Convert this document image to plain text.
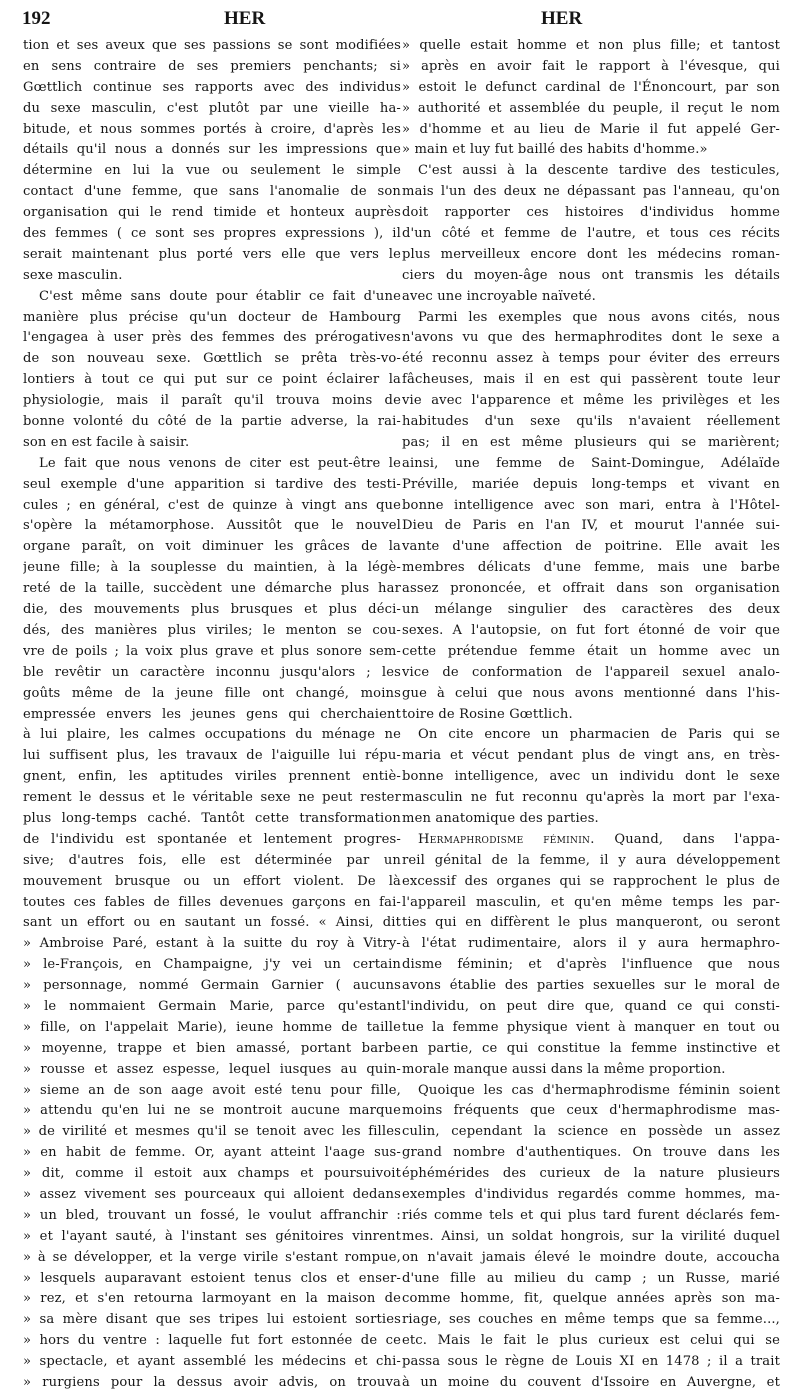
192	HER	HER
tion et ses aveux que ses passions se sont modifiées
en sens contraire de ses premiers penchants; si
Gœttlich continue ses rapports avec des individus
du sexe masculin, c'est plutôt par une vieille ha-
bitude, et nous sommes portés à croire, d'après les
détails qu'il nous a donnés sur les impressions que
détermine en lui la vue ou seulement le simple
contact d'une femme, que sans l'anomalie de son
organisation qui le rend timide et honteux auprès
des femmes ( ce sont ses propres expressions ), il
serait maintenant plus porté vers elle que vers le
sexe masculin.
C'est même sans doute pour établir ce fait d'une
manière plus précise qu'un docteur de Hambourg
l'engagea à user près des femmes des prérogatives
de son nouveau sexe. Gœttlich se prêta très-vo-
lontiers à tout ce qui put sur ce point éclairer la
physiologie, mais il paraît qu'il trouva moins de
bonne volonté du côté de la partie adverse, la rai-
son en est facile à saisir.
Le fait que nous venons de citer est peut-être le
seul exemple d'une apparition si tardive des testi-
cules ; en général, c'est de quinze à vingt ans que
s'opère la métamorphose. Aussitôt que le nouvel
organe paraît, on voit diminuer les grâces de la
jeune fille; à la souplesse du maintien, à la légè-
reté de la taille, succèdent une démarche plus har
die, des mouvements plus brusques et plus déci-
dés, des manières plus viriles; le menton se cou-
vre de poils ; la voix plus grave et plus sonore sem-
ble revêtir un caractère inconnu jusqu'alors ; les
goûts même de la jeune fille ont changé, moins
empressée envers les jeunes gens qui cherchaient
à lui plaire, les calmes occupations du ménage ne
lui suffisent plus, les travaux de l'aiguille lui répu-
gnent, enfin, les aptitudes viriles prennent entiè-
rement le dessus et le véritable sexe ne peut rester
plus long-temps caché. Tantôt cette transformation
de l'individu est spontanée et lentement progres-
sive; d'autres fois, elle est déterminée par un
mouvement brusque ou un effort violent. De là
toutes ces fables de filles devenues garçons en fai-
sant un effort ou en sautant un fossé. « Ainsi, dit
» Ambroise Paré, estant à la suitte du roy à Vitry-
» le-François, en Champaigne, j'y vei un certain
» personnage, nommé Germain Garnier ( aucuns
» le nommaient Germain Marie, parce qu'estant
» fille, on l'appelait Marie), ieune homme de taille
» moyenne, trappe et bien amassé, portant barbe
» rousse et assez espesse, lequel iusques au quin-
» sieme an de son aage avoit esté tenu pour fille,
» attendu qu'en lui ne se montroit aucune marque
» de virilité et mesmes qu'il se tenoit avec les filles
» en habit de femme. Or, ayant atteint l'aage sus-
» dit, comme il estoit aux champs et poursuivoit
» assez vivement ses pourceaux qui alloient dedans
» un bled, trouvant un fossé, le voulut affranchir :
» et l'ayant sauté, à l'instant ses génitoires vinrent
» à se développer, et la verge virile s'estant rompue,
» lesquels auparavant estoient tenus clos et enser-
» rez, et s'en retourna larmoyant en la maison de
» sa mère disant que ses tripes lui estoient sorties
» hors du ventre : laquelle fut fort estonnée de ce
» spectacle, et ayant assemblé les médecins et chi-
» rurgiens pour la dessus avoir advis, on trouva
» quelle estait homme et non plus fille; et tantost
» après en avoir fait le rapport à l'évesque, qui
» estoit le defunct cardinal de l'Énoncourt, par son
» authorité et assemblée du peuple, il reçut le nom
» d'homme et au lieu de Marie il fut appelé Ger-
» main et luy fut baillé des habits d'homme.»
C'est aussi à la descente tardive des testicules,
mais l'un des deux ne dépassant pas l'anneau, qu'on
doit rapporter ces histoires d'individus homme
d'un côté et femme de l'autre, et tous ces récits
plus merveilleux encore dont les médecins roman-
ciers du moyen-âge nous ont transmis les détails
avec une incroyable naïveté.
Parmi les exemples que nous avons cités, nous
n'avons vu que des hermaphrodites dont le sexe a
été reconnu assez à temps pour éviter des erreurs
fâcheuses, mais il en est qui passèrent toute leur
vie avec l'apparence et même les privilèges et les
habitudes d'un sexe qu'ils n'avaient réellement
pas; il en est même plusieurs qui se marièrent;
ainsi, une femme de Saint-Domingue, Adélaïde
Préville, mariée depuis long-temps et vivant en
bonne intelligence avec son mari, entra à l'Hôtel-
Dieu de Paris en l'an IV, et mourut l'année sui-
vante d'une affection de poitrine. Elle avait les
membres délicats d'une femme, mais une barbe
assez prononcée, et offrait dans son organisation
un mélange singulier des caractères des deux
sexes. A l'autopsie, on fut fort étonné de voir que
cette prétendue femme était un homme avec un
vice de conformation de l'appareil sexuel analo-
gue à celui que nous avons mentionné dans l'his-
toire de Rosine Gœttlich.
On cite encore un pharmacien de Paris qui se
maria et vécut pendant plus de vingt ans, en très-
bonne intelligence, avec un individu dont le sexe
masculin ne fut reconnu qu'après la mort par l'exa-
men anatomique des parties.
Hermaphrodisme féminin. Quand, dans l'appa-
reil génital de la femme, il y aura développement
excessif des organes qui se rapprochent le plus de
l'appareil masculin, et qu'en même temps les par-
ties qui en diffèrent le plus manqueront, ou seront
à l'état rudimentaire, alors il y aura hermaphro-
disme féminin; et d'après l'influence que nous
avons établie des parties sexuelles sur le moral de
l'individu, on peut dire que, quand ce qui consti-
tue la femme physique vient à manquer en tout ou
en partie, ce qui constitue la femme instinctive et
morale manque aussi dans la même proportion.
Quoique les cas d'hermaphrodisme féminin soient
moins fréquents que ceux d'hermaphrodisme mas-
culin, cependant la science en possède un assez
grand nombre d'authentiques. On trouve dans les
éphémérides des curieux de la nature plusieurs
exemples d'individus regardés comme hommes, ma-
riés comme tels et qui plus tard furent déclarés fem-
mes. Ainsi, un soldat hongrois, sur la virilité duquel
on n'avait jamais élevé le moindre doute, accoucha
d'une fille au milieu du camp ; un Russe, marié
comme homme, fit, quelque années après son ma-
riage, ses couches en même temps que sa femme...,
etc. Mais le fait le plus curieux est celui qui se
passa sous le règne de Louis XI en 1478 ; il a trait
à un moine du couvent d'Issoire en Auvergne, et
